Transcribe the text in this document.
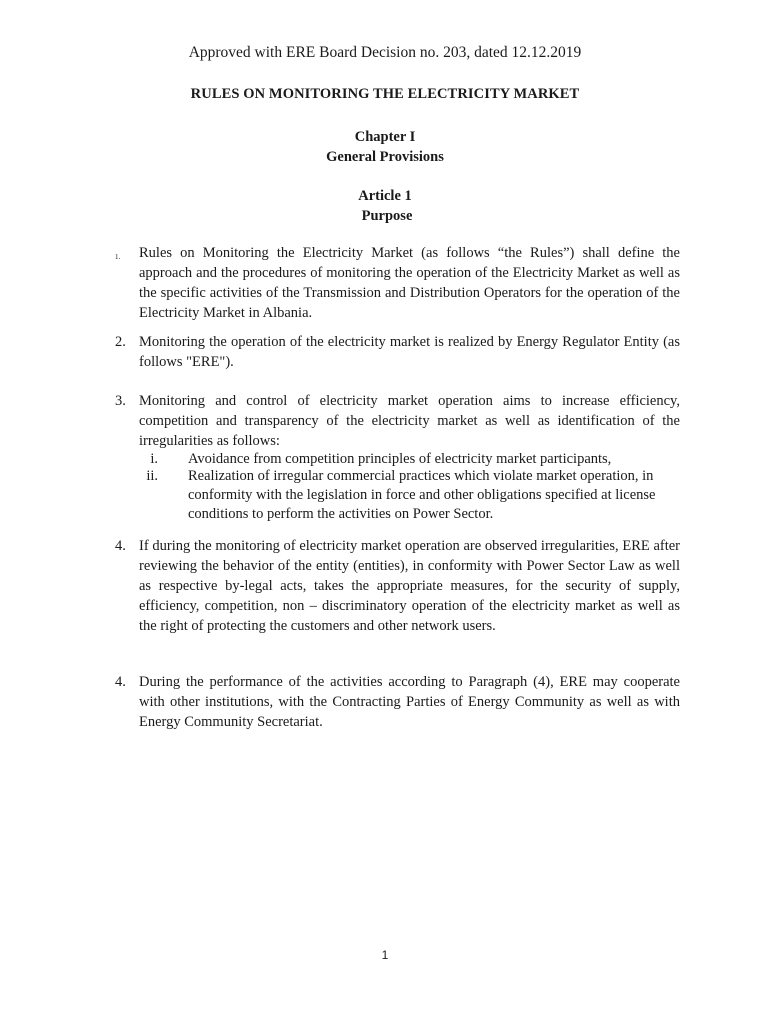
Approved with ERE Board Decision no. 203, dated 12.12.2019
RULES ON MONITORING THE ELECTRICITY MARKET
Chapter I
General Provisions
Article 1
Purpose
1.	Rules on Monitoring the Electricity Market (as follows “the Rules”) shall define the approach and the procedures of monitoring the operation of the Electricity Market as well as the specific activities of the Transmission and Distribution Operators for the operation of the Electricity Market in Albania.
2. Monitoring the operation of the electricity market is realized by Energy Regulator Entity (as follows "ERE").
3. Monitoring and control of electricity market operation aims to increase efficiency, competition and transparency of the electricity market as well as identification of the irregularities as follows:
i.	Avoidance from competition principles of electricity market participants,
ii.	Realization of irregular commercial practices which violate market operation, in conformity with the legislation in force and other obligations specified at license conditions to perform the activities on Power Sector.
4. If during the monitoring of electricity market operation are observed irregularities, ERE after reviewing the behavior of the entity (entities), in conformity with Power Sector Law as well as respective by-legal acts, takes the appropriate measures, for the security of supply, efficiency, competition, non – discriminatory operation of the electricity market as well as the right of protecting the customers and other network users.
4. During the performance of the activities according to Paragraph (4), ERE may cooperate with other institutions, with the Contracting Parties of Energy Community as well as with Energy Community Secretariat.
1
